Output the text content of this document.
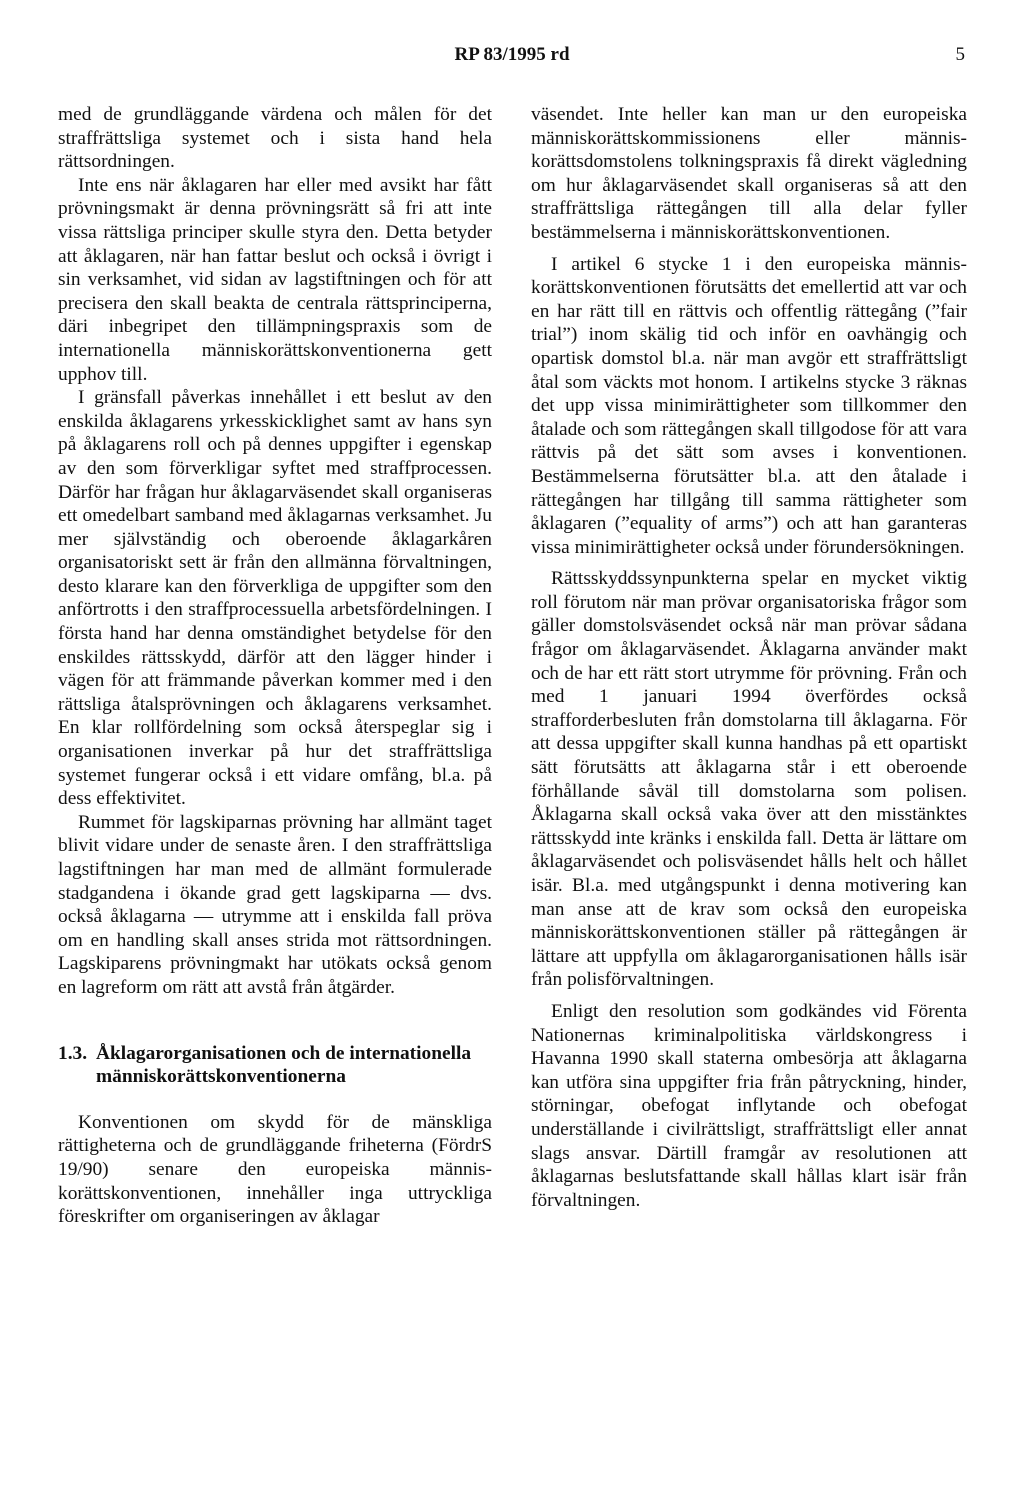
RP 83/1995 rd	5

med de grundläggande värdena och målen för det straffrättsliga systemet och i sista hand hela rättsordningen.

Inte ens när åklagaren har eller med avsikt har fått prövningsmakt är denna prövningsrätt så fri att inte vissa rättsliga principer skulle styra den. Detta betyder att åklagaren, när han fattar beslut och också i övrigt i sin verksamhet, vid sidan av lagstiftningen och för att precisera den skall beakta de centrala rättsprinciperna, däri inbegripet den tillämpningspraxis som de internationella människorättskonventionerna gett upphov till.

I gränsfall påverkas innehållet i ett beslut av den enskilda åklagarens yrkesskicklighet samt av hans syn på åklagarens roll och på dennes uppgifter i egenskap av den som förverkligar syftet med straffprocessen. Därför har frågan hur åklagarväsendet skall organiseras ett omedelbart samband med åklagarnas verksamhet. Ju mer självständig och oberoende åklagarkåren organisatoriskt sett är från den allmänna förvaltningen, desto klarare kan den förverkliga de uppgifter som den anförtrotts i den straffprocessuella arbetsfördelningen. I första hand har denna omständighet betydelse för den enskildes rättsskydd, därför att den lägger hinder i vägen för att främmande påverkan kommer med i den rättsliga åtalsprövningen och åklagarens verksamhet. En klar rollfördelning som också återspeglar sig i organisationen inverkar på hur det straffrättsliga systemet fungerar också i ett vidare omfång, bl.a. på dess effektivitet.

Rummet för lagskiparnas prövning har allmänt taget blivit vidare under de senaste åren. I den straffrättsliga lagstiftningen har man med de allmänt formulerade stadgandena i ökande grad gett lagskiparna — dvs. också åklagarna — utrymme att i enskilda fall pröva om en handling skall anses strida mot rättsordningen. Lagskiparens prövningmakt har utökats också genom en lagreform om rätt att avstå från åtgärder.

1.3. Åklagarorganisationen och de internationella människorättskonventionerna

Konventionen om skydd för de mänskliga rättigheterna och de grundläggande friheterna (FördrS 19/90) senare den europeiska människorättskonventionen, innehåller inga uttryckliga föreskrifter om organiseringen av åklagar

väsendet. Inte heller kan man ur den europeiska människorättskommissionens eller människorättsdomstolens tolkningspraxis få direkt vägledning om hur åklagarväsendet skall organiseras så att den straffrättsliga rättegången till alla delar fyller bestämmelserna i människorättskonventionen.

I artikel 6 stycke 1 i den europeiska människorättskonventionen förutsätts det emellertid att var och en har rätt till en rättvis och offentlig rättegång (”fair trial”) inom skälig tid och inför en oavhängig och opartisk domstol bl.a. när man avgör ett straffrättsligt åtal som väckts mot honom. I artikelns stycke 3 räknas det upp vissa minimirättigheter som tillkommer den åtalade och som rättegången skall tillgodose för att vara rättvis på det sätt som avses i konventionen. Bestämmelserna förutsätter bl.a. att den åtalade i rättegången har tillgång till samma rättigheter som åklagaren (”equality of arms”) och att han garanteras vissa minimirättigheter också under förundersökningen.

Rättsskyddssynpunkterna spelar en mycket viktig roll förutom när man prövar organisatoriska frågor som gäller domstolsväsendet också när man prövar sådana frågor om åklagarväsendet. Åklagarna använder makt och de har ett rätt stort utrymme för prövning. Från och med 1 januari 1994 överfördes också strafforderbesluten från domstolarna till åklagarna. För att dessa uppgifter skall kunna handhas på ett opartiskt sätt förutsätts att åklagarna står i ett oberoende förhållande såväl till domstolarna som polisen. Åklagarna skall också vaka över att den misstänktes rättsskydd inte kränks i enskilda fall. Detta är lättare om åklagarväsendet och polisväsendet hålls helt och hållet isär. Bl.a. med utgångspunkt i denna motivering kan man anse att de krav som också den europeiska människorättskonventionen ställer på rättegången är lättare att uppfylla om åklagarorganisationen hålls isär från polisförvaltningen.

Enligt den resolution som godkändes vid Förenta Nationernas kriminalpolitiska världskongress i Havanna 1990 skall staterna ombesörja att åklagarna kan utföra sina uppgifter fria från påtryckning, hinder, störningar, obefogat inflytande och obefogat underställande i civilrättsligt, straffrättsligt eller annat slags ansvar. Därtill framgår av resolutionen att åklagarnas beslutsfattande skall hållas klart isär från förvaltningen.
